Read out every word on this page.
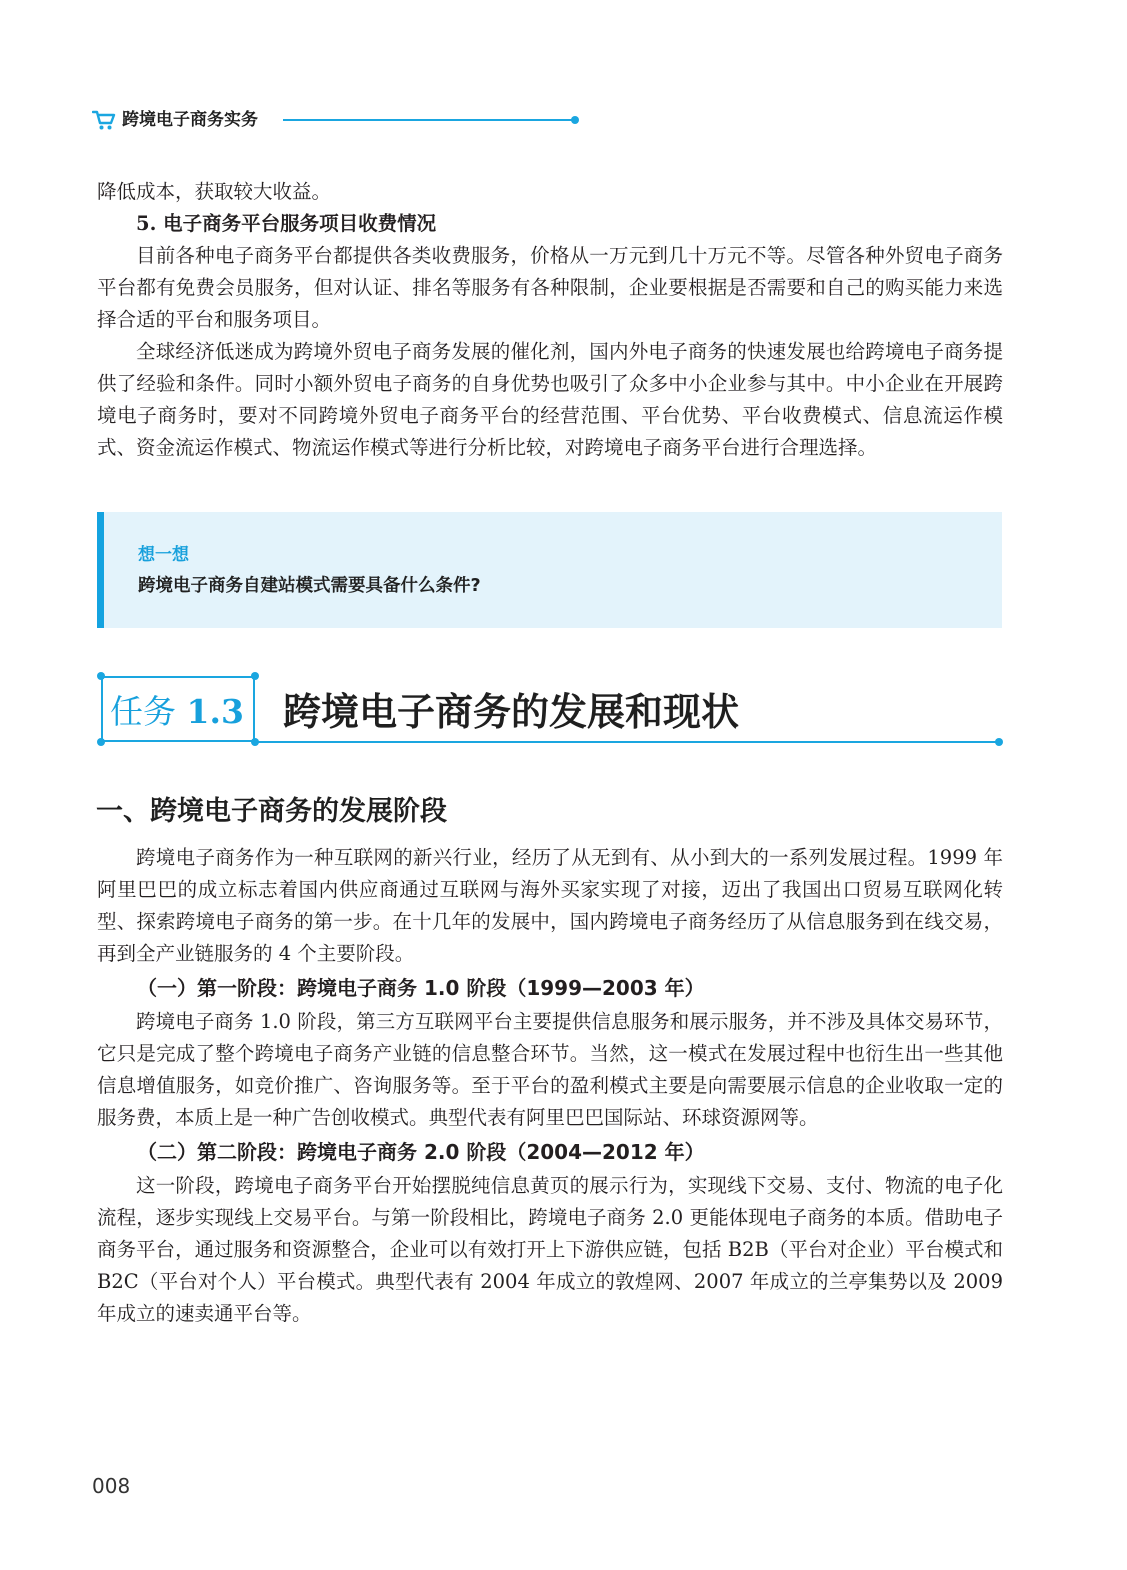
跨境电子商务实务

降低成本，获取较大收益。

5. 电子商务平台服务项目收费情况

目前各种电子商务平台都提供各类收费服务，价格从一万元到几十万元不等。尽管各种外贸电子商务平台都有免费会员服务，但对认证、排名等服务有各种限制，企业要根据是否需要和自己的购买能力来选择合适的平台和服务项目。

全球经济低迷成为跨境外贸电子商务发展的催化剂，国内外电子商务的快速发展也给跨境电子商务提供了经验和条件。同时小额外贸电子商务的自身优势也吸引了众多中小企业参与其中。中小企业在开展跨境电子商务时，要对不同跨境外贸电子商务平台的经营范围、平台优势、平台收费模式、信息流运作模式、资金流运作模式、物流运作模式等进行分析比较，对跨境电子商务平台进行合理选择。

想一想
跨境电子商务自建站模式需要具备什么条件?
任务 1.3 跨境电子商务的发展和现状
一、跨境电子商务的发展阶段

跨境电子商务作为一种互联网的新兴行业，经历了从无到有、从小到大的一系列发展过程。1999 年阿里巴巴的成立标志着国内供应商通过互联网与海外买家实现了对接，迈出了我国出口贸易互联网化转型、探索跨境电子商务的第一步。在十几年的发展中，国内跨境电子商务经历了从信息服务到在线交易，再到全产业链服务的 4 个主要阶段。

（一）第一阶段：跨境电子商务 1.0 阶段（1999—2003 年）

跨境电子商务 1.0 阶段，第三方互联网平台主要提供信息服务和展示服务，并不涉及具体交易环节，它只是完成了整个跨境电子商务产业链的信息整合环节。当然，这一模式在发展过程中也衍生出一些其他信息增值服务，如竞价推广、咨询服务等。至于平台的盈利模式主要是向需要展示信息的企业收取一定的服务费，本质上是一种广告创收模式。典型代表有阿里巴巴国际站、环球资源网等。

（二）第二阶段：跨境电子商务 2.0 阶段（2004—2012 年）

这一阶段，跨境电子商务平台开始摆脱纯信息黄页的展示行为，实现线下交易、支付、物流的电子化流程，逐步实现线上交易平台。与第一阶段相比，跨境电子商务 2.0 更能体现电子商务的本质。借助电子商务平台，通过服务和资源整合，企业可以有效打开上下游供应链，包括 B2B（平台对企业）平台模式和 B2C（平台对个人）平台模式。典型代表有 2004 年成立的敦煌网、2007 年成立的兰亭集势以及 2009 年成立的速卖通平台等。

008
